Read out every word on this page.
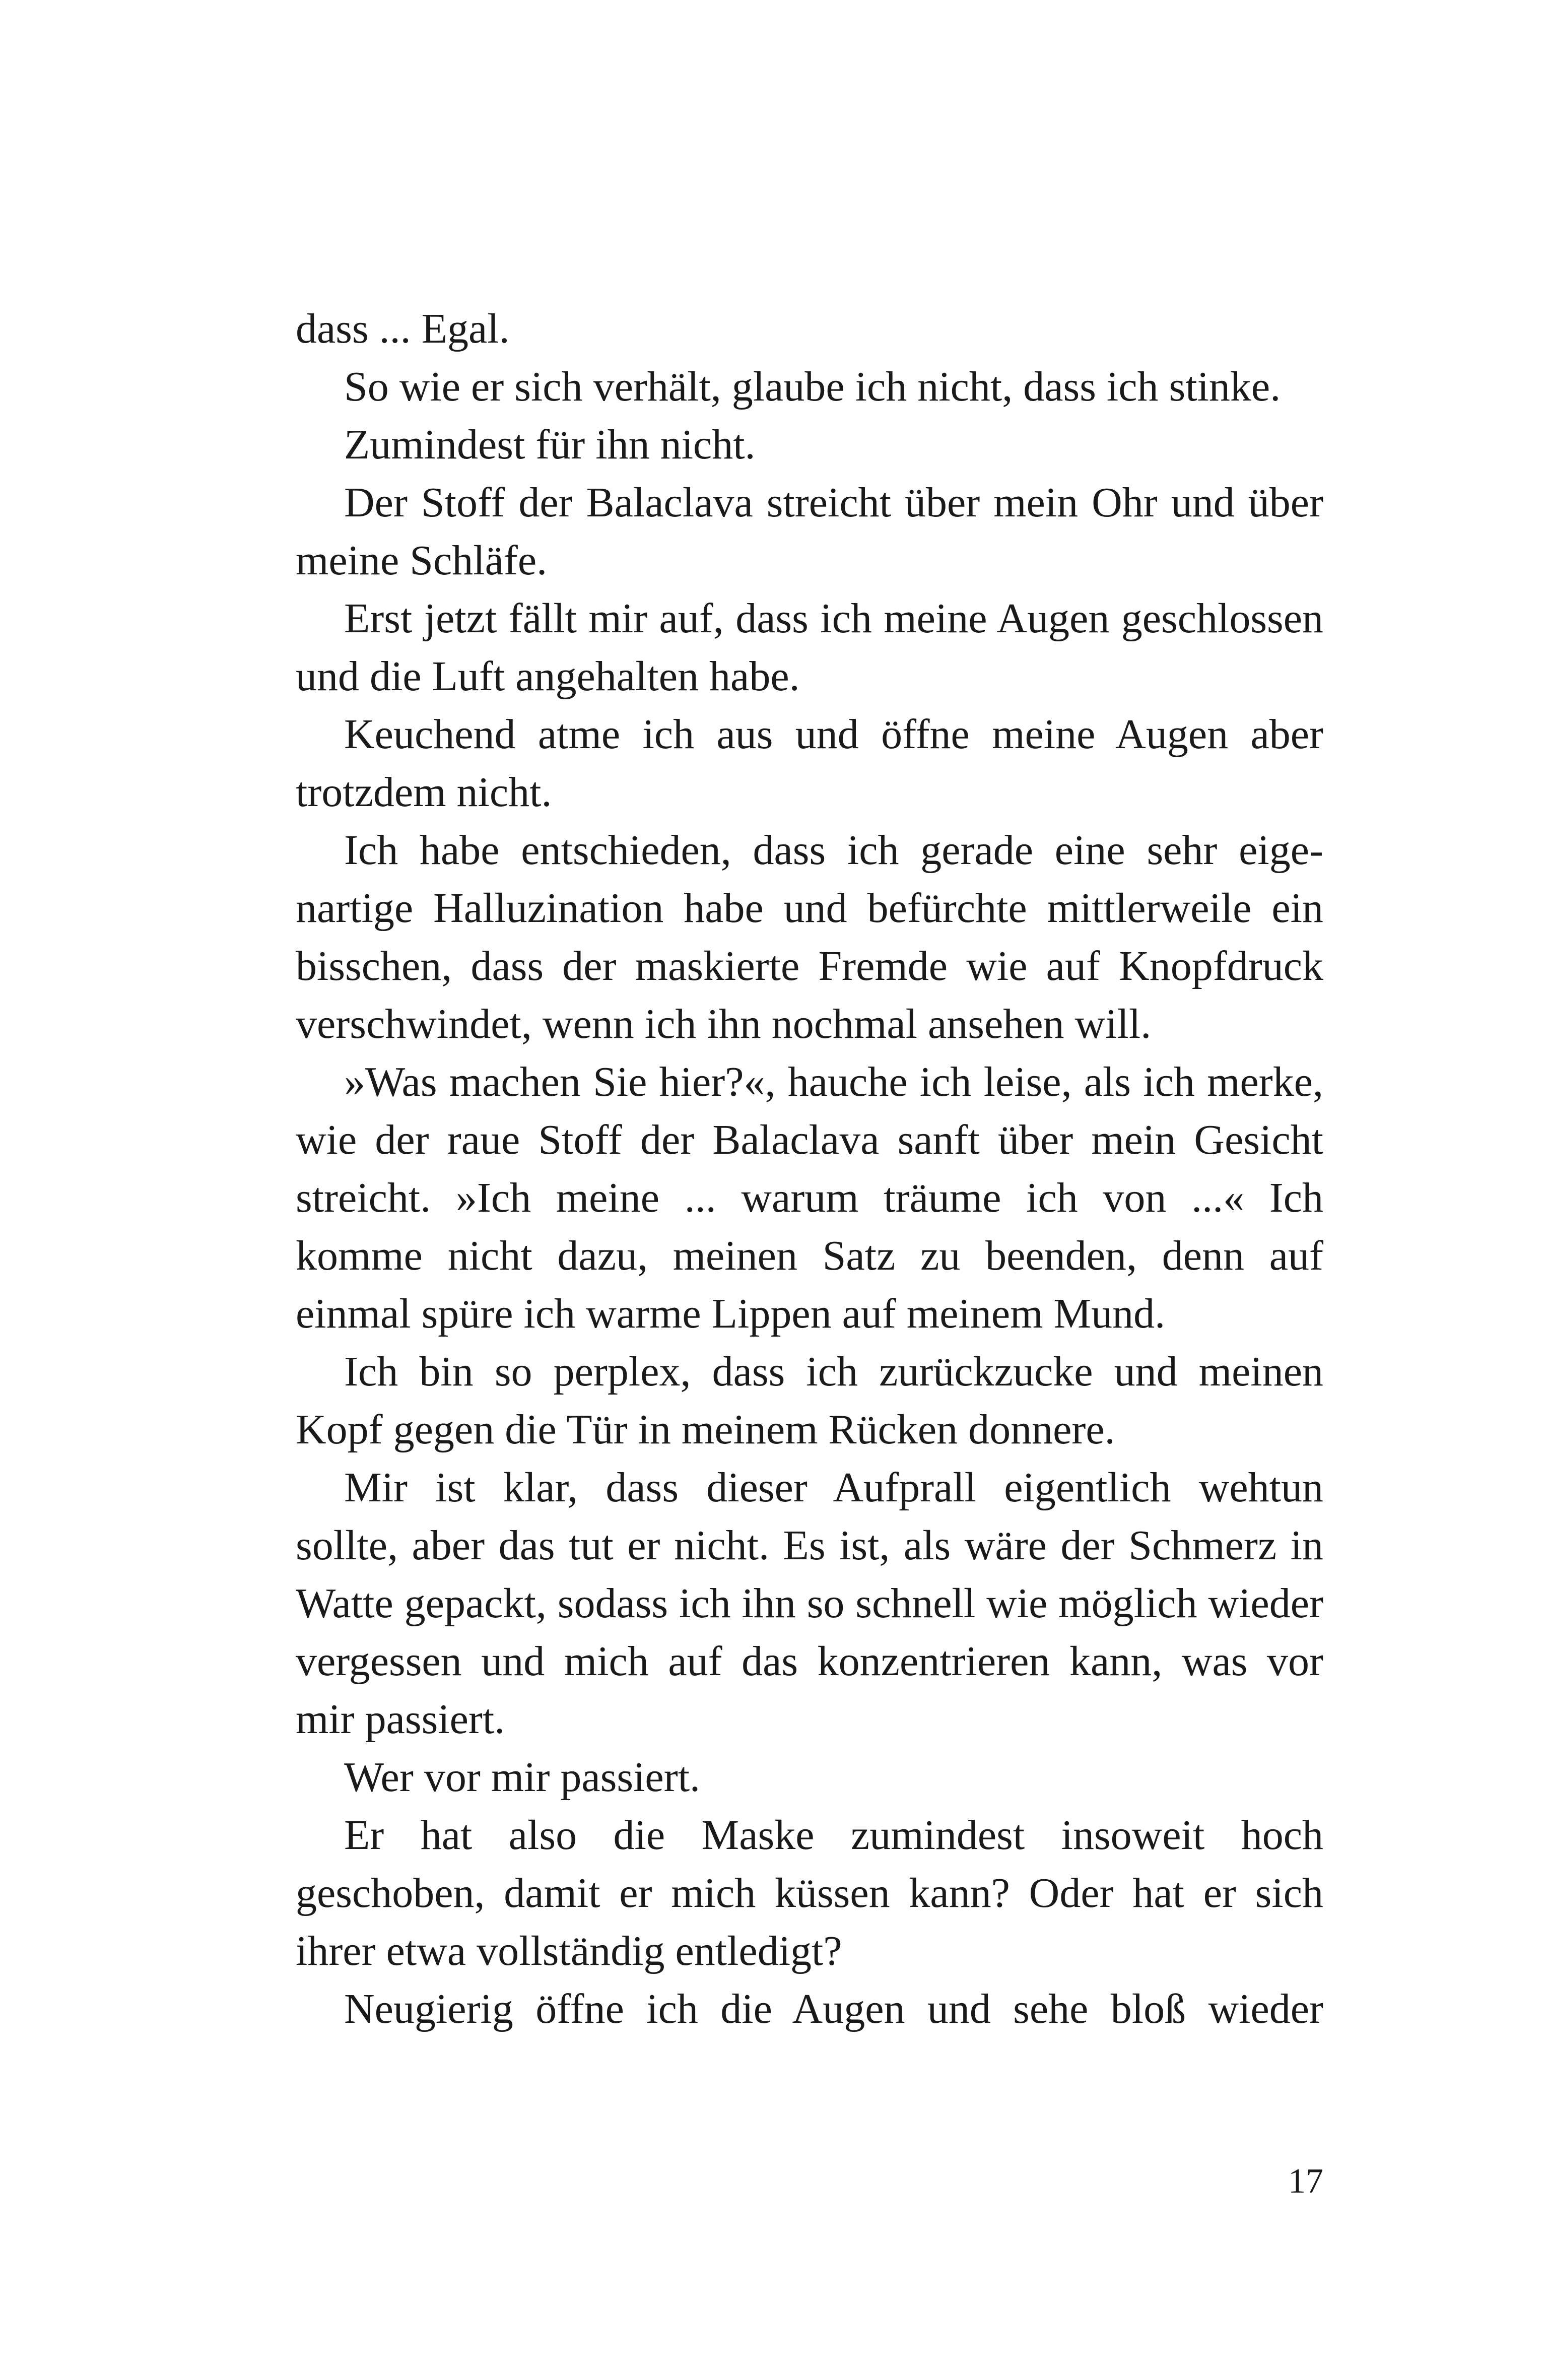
dass ... Egal.
So wie er sich verhält, glaube ich nicht, dass ich stinke.
Zumindest für ihn nicht.
Der Stoff der Balaclava streicht über mein Ohr und über
meine Schläfe.
Erst jetzt fällt mir auf, dass ich meine Augen geschlossen
und die Luft angehalten habe.
Keuchend atme ich aus und öffne meine Augen aber
trotzdem nicht.
Ich habe entschieden, dass ich gerade eine sehr eige-
nartige Halluzination habe und befürchte mittlerweile ein
bisschen, dass der maskierte Fremde wie auf Knopfdruck
verschwindet, wenn ich ihn nochmal ansehen will.
»Was machen Sie hier?«, hauche ich leise, als ich merke,
wie der raue Stoff der Balaclava sanft über mein Gesicht
streicht. »Ich meine ... warum träume ich von ...« Ich
komme nicht dazu, meinen Satz zu beenden, denn auf
einmal spüre ich warme Lippen auf meinem Mund.
Ich bin so perplex, dass ich zurückzucke und meinen
Kopf gegen die Tür in meinem Rücken donnere.
Mir ist klar, dass dieser Aufprall eigentlich wehtun
sollte, aber das tut er nicht. Es ist, als wäre der Schmerz in
Watte gepackt, sodass ich ihn so schnell wie möglich wieder
vergessen und mich auf das konzentrieren kann, was vor
mir passiert.
Wer vor mir passiert.
Er hat also die Maske zumindest insoweit hoch
geschoben, damit er mich küssen kann? Oder hat er sich
ihrer etwa vollständig entledigt?
Neugierig öffne ich die Augen und sehe bloß wieder
17
